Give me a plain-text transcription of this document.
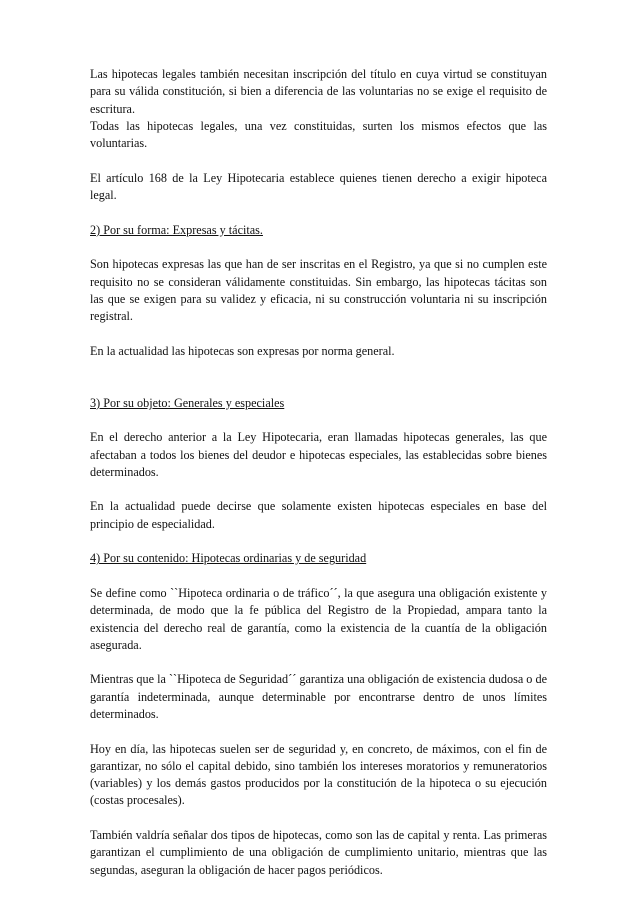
Las hipotecas legales también necesitan inscripción del título en cuya virtud se constituyan para su válida constitución, si bien a diferencia de las voluntarias no se exige el requisito de escritura.

Todas las hipotecas legales, una vez constituidas, surten los mismos efectos que las voluntarias.

El artículo 168 de la Ley Hipotecaria establece quienes tienen derecho a exigir hipoteca legal.

2) Por su forma: Expresas y tácitas.

Son hipotecas expresas las que han de ser inscritas en el Registro, ya que si no cumplen este requisito no se consideran válidamente constituidas. Sin embargo, las hipotecas tácitas son las que se exigen para su validez y eficacia, ni su construcción voluntaria ni su inscripción registral.

En la actualidad las hipotecas son expresas por norma general.

3) Por su objeto: Generales y especiales

En el derecho anterior a la Ley Hipotecaria, eran llamadas hipotecas generales, las que afectaban a todos los bienes del deudor e hipotecas especiales, las establecidas sobre bienes determinados.

En la actualidad puede decirse que solamente existen hipotecas especiales en base del principio de especialidad.

4) Por su contenido: Hipotecas ordinarias y de seguridad

Se define como ``Hipoteca ordinaria o de tráfico´´, la que asegura una obligación existente y determinada, de modo que la fe pública del Registro de la Propiedad, ampara tanto la existencia del derecho real de garantía, como la existencia de la cuantía de la obligación asegurada.

Mientras que la ``Hipoteca de Seguridad´´ garantiza una obligación de existencia dudosa o de garantía indeterminada, aunque determinable por encontrarse dentro de unos límites determinados.

Hoy en día, las hipotecas suelen ser de seguridad y, en concreto, de máximos, con el fin de garantizar, no sólo el capital debido, sino también los intereses moratorios y remuneratorios (variables) y los demás gastos producidos por la constitución de la hipoteca o su ejecución (costas procesales).

También valdría señalar dos tipos de hipotecas, como son las de capital y renta. Las primeras garantizan el cumplimiento de una obligación de cumplimiento unitario, mientras que las segundas, aseguran la obligación de hacer pagos periódicos.
